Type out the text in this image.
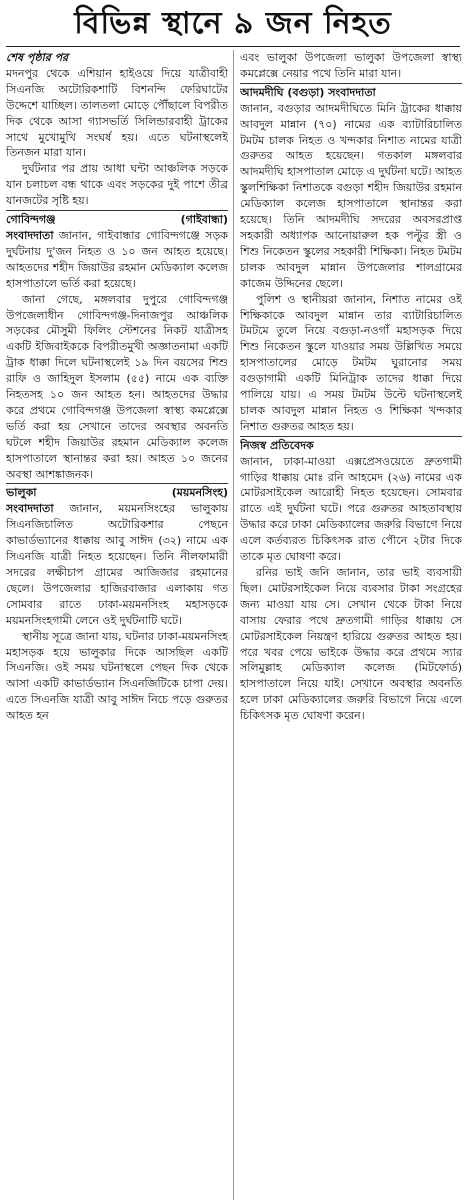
বিভিন্ন স্থানে ৯ জন নিহত

শেষ পৃষ্ঠার পর

মদনপুর থেকে এশিয়ান হাইওয়ে দিয়ে যাত্রীবাহী সিএনজি অটোরিকশাটি বিশনন্দি ফেরিঘাটের উদ্দেশে যাচ্ছিল। তালতলা মোড়ে পৌঁছালে বিপরীত দিক থেকে আসা গ্যাসভর্তি সিলিন্ডারবাহী ট্রাকের সাথে মুখোমুখি সংঘর্ষ হয়। এতে ঘটনাস্থলেই তিনজন মারা যান।

দুর্ঘটনার পর প্রায় আধা ঘন্টা আঞ্চলিক সড়কে যান চলাচল বন্ধ থাকে এবং সড়কের দুই পাশে তীব্র যানজটের সৃষ্টি হয়।

গোবিন্দগঞ্জ	(গাইবান্ধা)

সংবাদদাতা জানান, গাইবান্ধার গোবিন্দগঞ্জে সড়ক দুর্ঘটনায় দু'জন নিহত ও ১০ জন আহত হয়েছে। আহতদের শহীদ জিয়াউর রহমান মেডিক্যাল কলেজ হাসপাতালে ভর্তি করা হয়েছে।

জানা গেছে, মঙ্গলবার দুপুরে গোবিন্দগঞ্জ উপজেলাধীন গোবিন্দগঞ্জ-দিনাজপুর আঞ্চলিক সড়কের মৌসুমী ফিলিং স্টেশনের নিকট যাত্রীসহ একটি ইজিবাইককে বিপরীতমুখী অজ্ঞাতনামা একটি ট্রাক ধাক্কা দিলে ঘটনাস্থলেই ১৯ দিন বয়সের শিশু রাফি ও জাহিদুল ইসলাম (৫৫) নামে এক ব্যক্তি নিহতসহ ১০ জন আহত হন। আহতদের উদ্ধার করে প্রথমে গোবিন্দগঞ্জ উপজেলা স্বাস্থ্য কমপ্লেক্সে ভর্তি করা হয় সেখানে তাদের অবস্থার অবনতি ঘটলে শহীদ জিয়াউর রহমান মেডিক্যাল কলেজ হাসপাতালে স্থানান্তর করা হয়। আহত ১০ জনের অবস্থা আশঙ্কাজনক।

ভালুকা	(ময়মনসিংহ)

সংবাদদাতা জানান, ময়মনসিংহের ভালুকায় সিএনজিচালিত অটোরিকশার পেছনে কাভার্ডভ্যানের ধাক্কায় আবু সাঈদ (৩২) নামে এক সিএনজি যাত্রী নিহত হয়েছেন। তিনি নীলফামারী সদরের লক্ষীচাপ গ্রামের আজিজার রহমানের ছেলে। উপজেলার হাজিরবাজার এলাকায় গত সোমবার রাতে ঢাকা-ময়মনসিংহ মহাসড়কে ময়মনসিংহগামী লেনে ওই দুর্ঘটনাটি ঘটে।

স্থানীয় সূত্রে জানা যায়, ঘটনার ঢাকা-ময়মনসিংহ মহাসড়ক হয়ে ভালুকার দিকে আসছিল একটি সিএনজি। ওই সময় ঘটনাস্থলে পেছন দিক থেকে আসা একটি কাভার্ডভ্যান সিএনজিটিকে চাপা দেয়। এতে সিএনজি যাত্রী আবু সাঈদ নিচে পড়ে গুরুতর আহত হন

এবং ভালুকা উপজেলা ভালুকা উপজেলা স্বাস্থ্য কমপ্লেক্সে নেয়ার পথে তিনি মারা যান।

আদমদীঘি (বগুড়া) সংবাদদাতা

জানান, বগুড়ার আদমদীঘিতে মিনি ট্রাকের ধাক্কায় আবদুল মান্নান (৭০) নামের এক ব্যাটারিচালিত টমটম চালক নিহত ও খন্দকার নিশাত নামের যাত্রী গুরুতর আহত হয়েছেন। গতকাল মঙ্গলবার আদমদীঘি হাসপাতাল মোড়ে এ দুর্ঘটনা ঘটে। আহত স্কুলশিক্ষিকা নিশাতকে বগুড়া শহীদ জিয়াউর রহমান মেডিক্যাল কলেজ হাসপাতালে স্থানান্তর করা হয়েছে। তিনি আদমদীঘি সদরের অবসরপ্রাপ্ত সহকারী অধ্যাপক আনোয়ারুল হক পল্টুর স্ত্রী ও শিশু নিকেতন স্কুলের সহকারী শিক্ষিকা। নিহত টমটম চালক আবদুল মান্নান উপজেলার শালগ্রামের কাজেম উদ্দিনের ছেলে।

পুলিশ ও স্থানীয়রা জানান, নিশাত নামের ওই শিক্ষিকাকে আবদুল মান্নান তার ব্যাটারিচালিত টমটমে তুলে নিয়ে বগুড়া-নওগাঁ মহাসড়ক দিয়ে শিশু নিকেতন স্কুলে যাওয়ার সময় উল্লিখিত সময়ে হাসপাতালের মোড়ে টমটম ঘুরানোর সময় বগুড়াগামী একটি মিনিট্রাক তাদের ধাক্কা দিয়ে পালিয়ে যায়। এ সময় টমটম উল্টে ঘটনাস্থলেই চালক আবদুল মান্নান নিহত ও শিক্ষিকা খন্দকার নিশাত গুরুতর আহত হয়।

নিজস্ব প্রতিবেদক

জানান, ঢাকা-মাওয়া এক্সপ্রেসওয়েতে দ্রুতগামী গাড়ির ধাক্কায় মোঃ রনি আহমেদ (২৬) নামের এক মোটরসাইকেল আরোহী নিহত হয়েছেন। সোমবার রাতে এই দুর্ঘটনা ঘটে। পরে গুরুতর আহতাবস্থায় উদ্ধার করে ঢাকা মেডিক্যালের জরুরি বিভাগে নিয়ে এলে কর্তব্যরত চিকিৎসক রাত পৌনে ২টার দিকে তাকে মৃত ঘোষণা করে।

রনির ভাই জনি জানান, তার ভাই ব্যবসায়ী ছিল। মোটরসাইকেল নিয়ে ব্যবসার টাকা সংগ্রহের জন্য মাওয়া যায় সে। সেখান থেকে টাকা নিয়ে বাসায় ফেরার পথে দ্রুতগামী গাড়ির ধাক্কায় সে মোটরসাইকেল নিয়ন্ত্রণ হারিয়ে গুরুতর আহত হয়। পরে খবর পেয়ে ভাইকে উদ্ধার করে প্রথমে স্যার সলিমুল্লাহ মেডিক্যাল কলেজ (মিটফোর্ড) হাসপাতালে নিয়ে যাই। সেখানে অবস্থার অবনতি হলে ঢাকা মেডিক্যালের জরুরি বিভাগে নিয়ে এলে চিকিৎসক মৃত ঘোষণা করেন।
